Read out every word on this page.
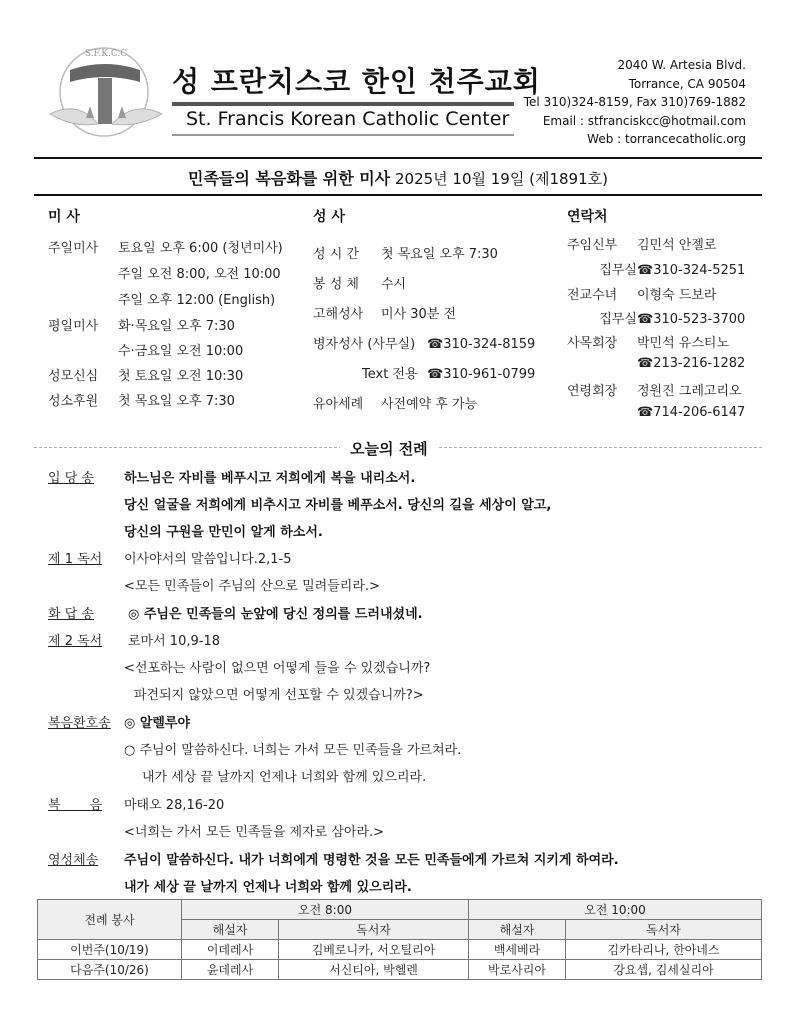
S.F.K.C.C
성 프란치스코 한인 천주교회
St. Francis Korean Catholic Center
2040 W. Artesia Blvd.
Torrance, CA 90504
Tel 310)324-8159, Fax 310)769-1882
Email : stfranciskcc@hotmail.com
Web : torrancecatholic.org
민족들의 복음화를 위한 미사 2025년 10월 19일 (제1891호)
미 사
주일미사 토요일 오후 6:00 (청년미사)
주일 오전 8:00, 오전 10:00
주일 오후 12:00 (English)
평일미사 화·목요일 오후 7:30
수·금요일 오전 10:00
성모신심 첫 토요일 오전 10:30
성소후원 첫 목요일 오후 7:30
성 사
성 시 간 첫 목요일 오후 7:30
봉 성 체 수시
고해성사 미사 30분 전
병자성사 (사무실) ☎310-324-8159
Text 전용 ☎310-961-0799
유아세례 사전예약 후 가능
연락처
주임신부 김민석 안젤로
집무실☎310-324-5251
전교수녀 이형숙 드보라
집무실☎310-523-3700
사목회장 박민석 유스티노
☎213-216-1282
연령회장 정원진 그레고리오
☎714-206-6147
오늘의 전례
입 당 송 하느님은 자비를 베푸시고 저희에게 복을 내리소서.
당신 얼굴을 저희에게 비추시고 자비를 베푸소서. 당신의 길을 세상이 알고,
당신의 구원을 만민이 알게 하소서.
제 1 독서 이사야서의 말씀입니다.2,1-5
<모든 민족들이 주님의 산으로 밀려들리라.>
화 답 송	◎ 주님은 민족들의 눈앞에 당신 정의를 드러내셨네.
제 2 독서 로마서 10,9-18
<선포하는 사람이 없으면 어떻게 들을 수 있겠습니까?
파견되지 않았으면 어떻게 선포할 수 있겠습니까?>
복음환호송 ◎ 알렐루야
○ 주님이 말씀하신다. 너희는 가서 모든 민족들을 가르쳐라.
내가 세상 끝 날까지 언제나 너희와 함께 있으리라.
복       음 마태오 28,16-20
<너희는 가서 모든 민족들을 제자로 삼아라.>
영성체송 주님이 말씀하신다. 내가 너희에게 명령한 것을 모든 민족들에게 가르쳐 지키게 하여라.
내가 세상 끝 날까지 언제나 너희와 함께 있으리라.
전례 봉사	오전 8:00		오전 10:00	
	해설자	독서자	해설자	독서자
이번주(10/19)	이데레사	김베로니카, 서오틸리아	백세베라	김카타리나, 한아네스
다음주(10/26)	윤데레사	서신티아, 박헬렌	박로사리아	강요셉, 김세실리아
